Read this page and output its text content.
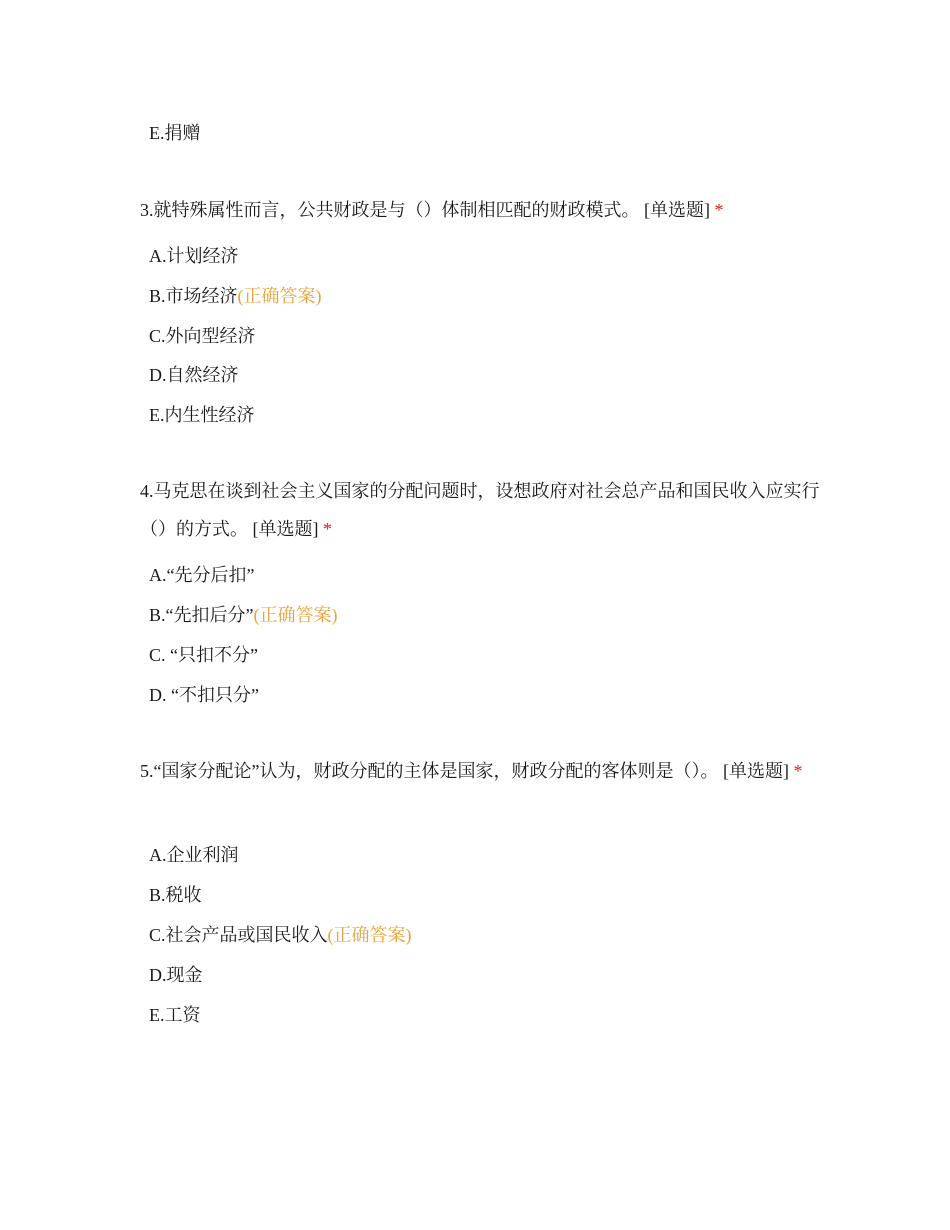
E.捐赠
3.就特殊属性而言，公共财政是与（）体制相匹配的财政模式。 [单选题] *
A.计划经济
B.市场经济(正确答案)
C.外向型经济
D.自然经济
E.内生性经济
4.马克思在谈到社会主义国家的分配问题时，设想政府对社会总产品和国民收入应实行（）的方式。 [单选题] *
A.“先分后扣”
B.“先扣后分”(正确答案)
C. “只扣不分”
D. “不扣只分”
5.“国家分配论”认为，财政分配的主体是国家，财政分配的客体则是（）。 [单选题] *
A.企业利润
B.税收
C.社会产品或国民收入(正确答案)
D.现金
E.工资
